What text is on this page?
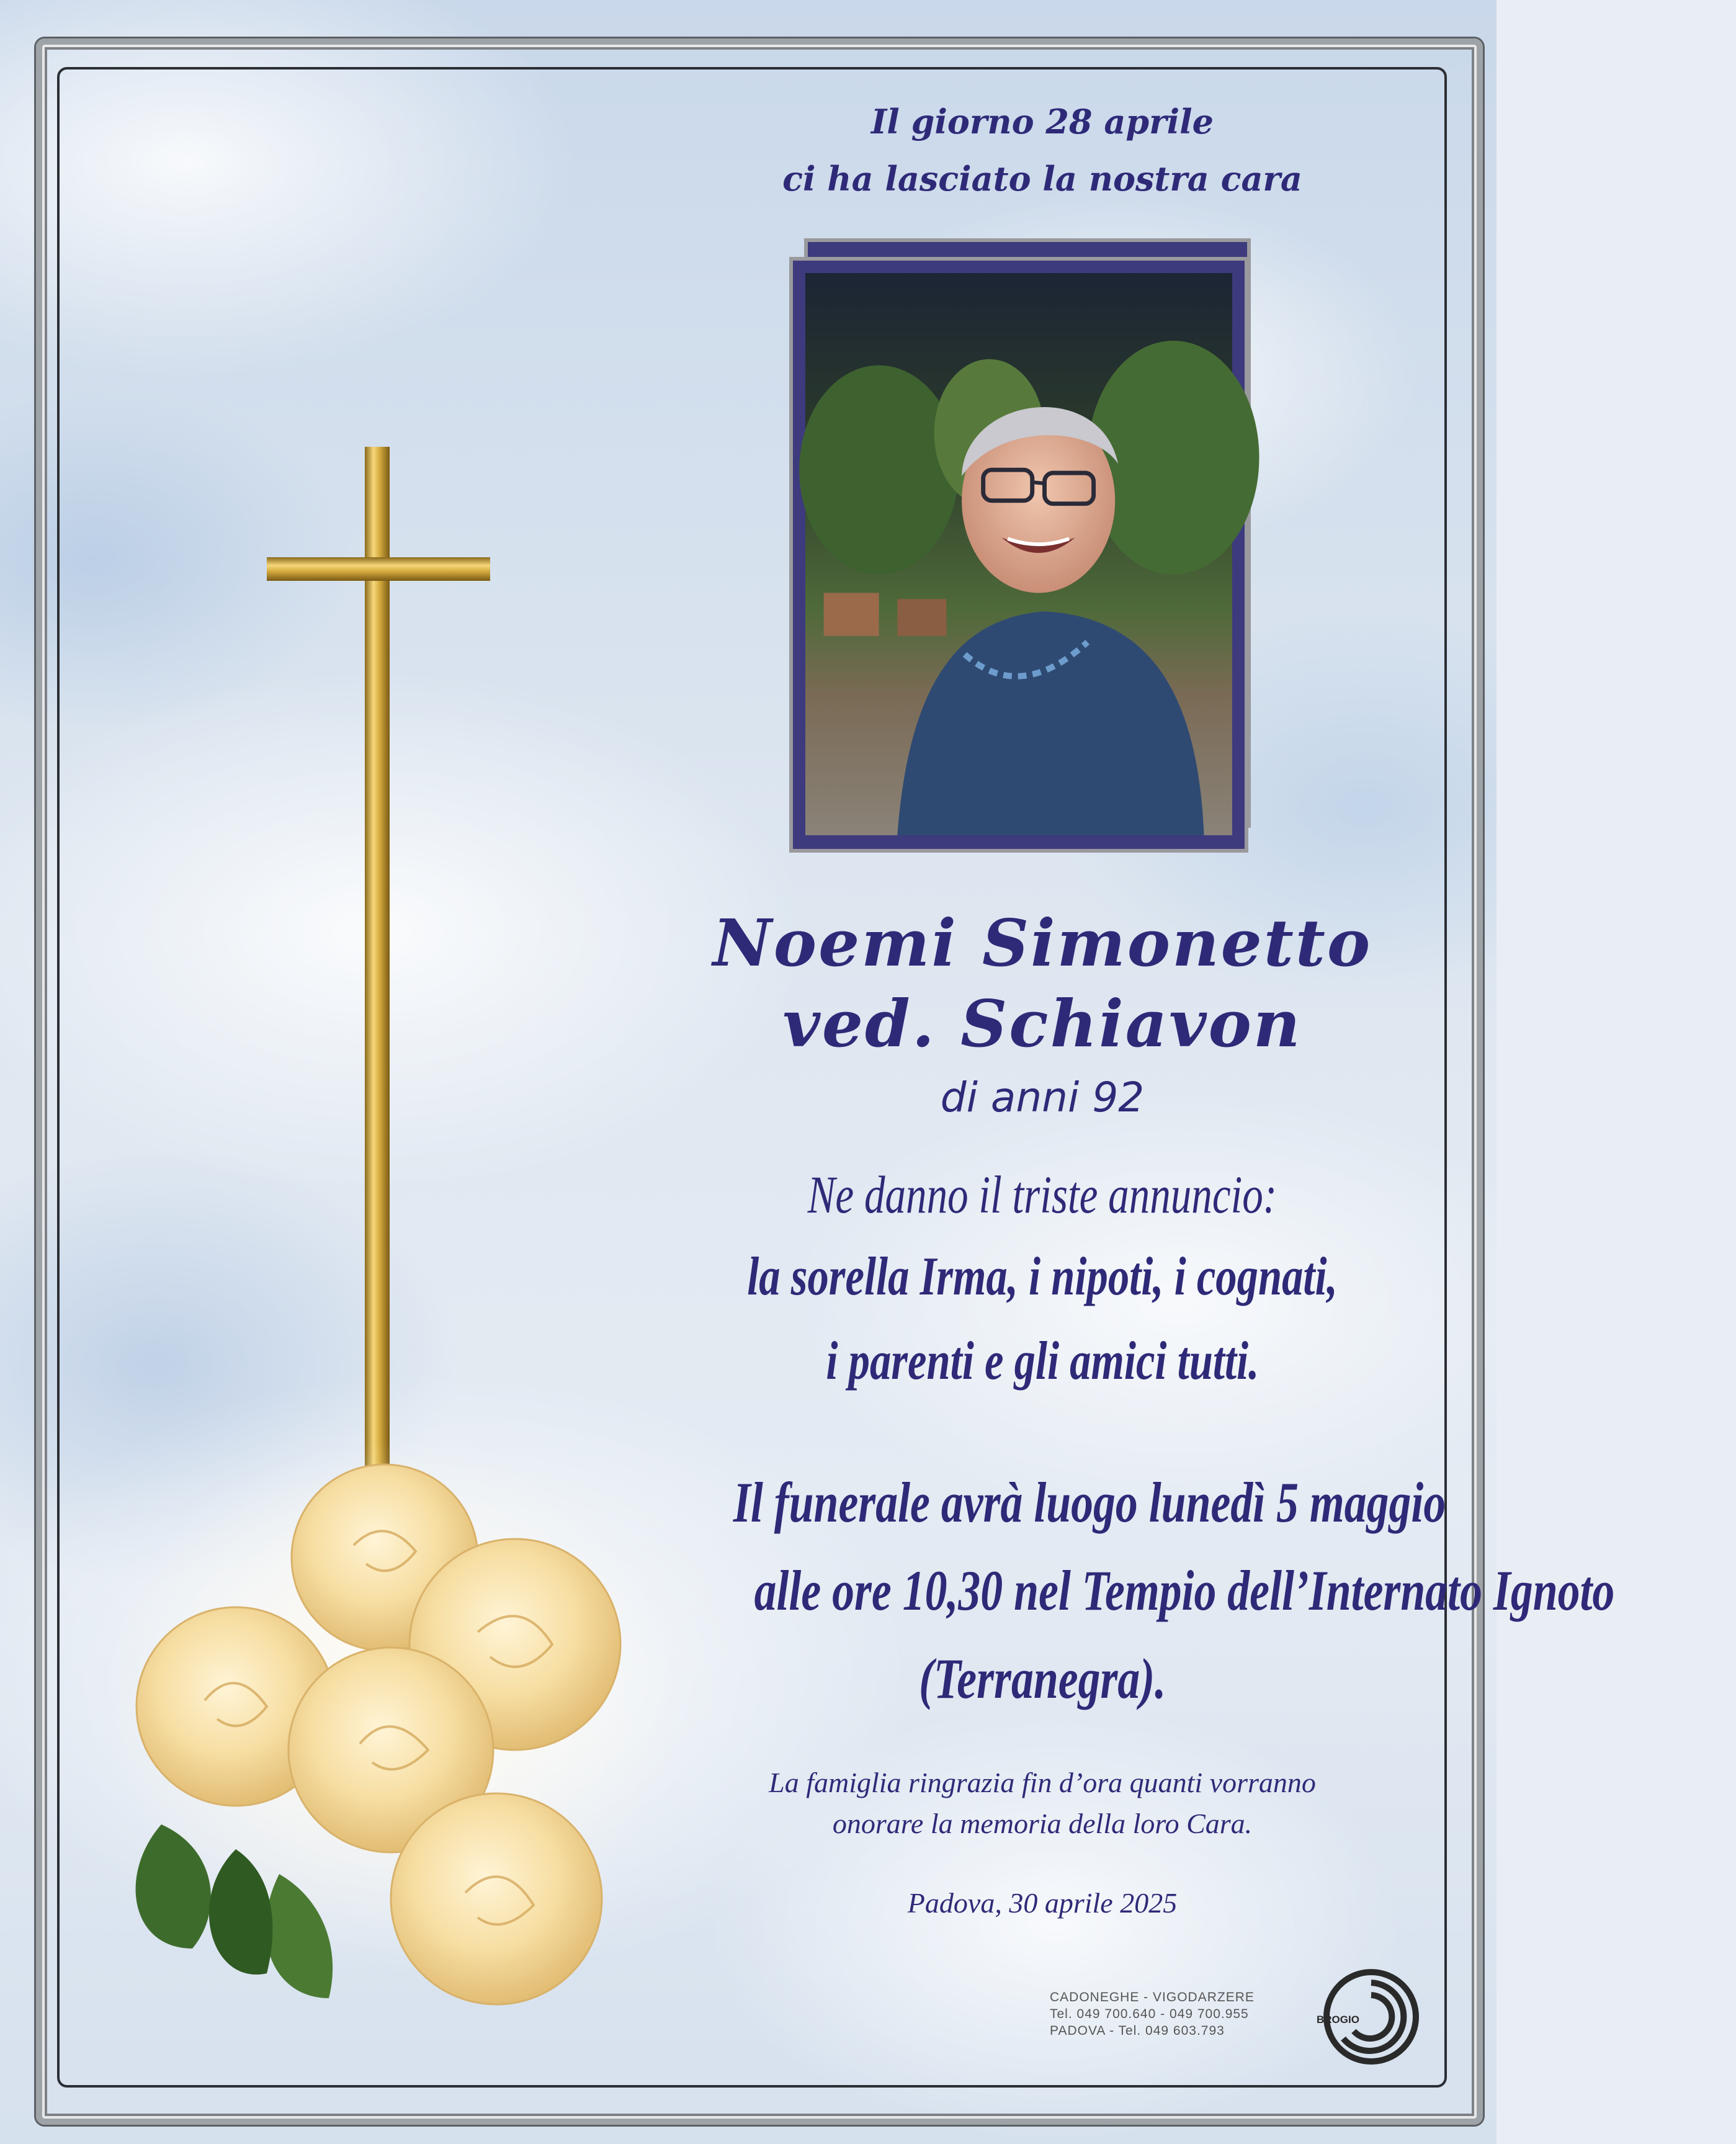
Il giorno 28 aprile
ci ha lasciato la nostra cara
Noemi Simonetto
ved. Schiavon
di anni 92
Ne danno il triste annuncio:
la sorella Irma, i nipoti, i cognati,
i parenti e gli amici tutti.
Il funerale avrà luogo lunedì 5 maggio
alle ore 10,30 nel Tempio dell’Internato Ignoto
(Terranegra).
La famiglia ringrazia fin d’ora quanti vorranno
onorare la memoria della loro Cara.
Padova, 30 aprile 2025
CADONEGHE - VIGODARZERE
Tel. 049 700.640 - 049 700.955
PADOVA - Tel. 049 603.793
BROGIO
